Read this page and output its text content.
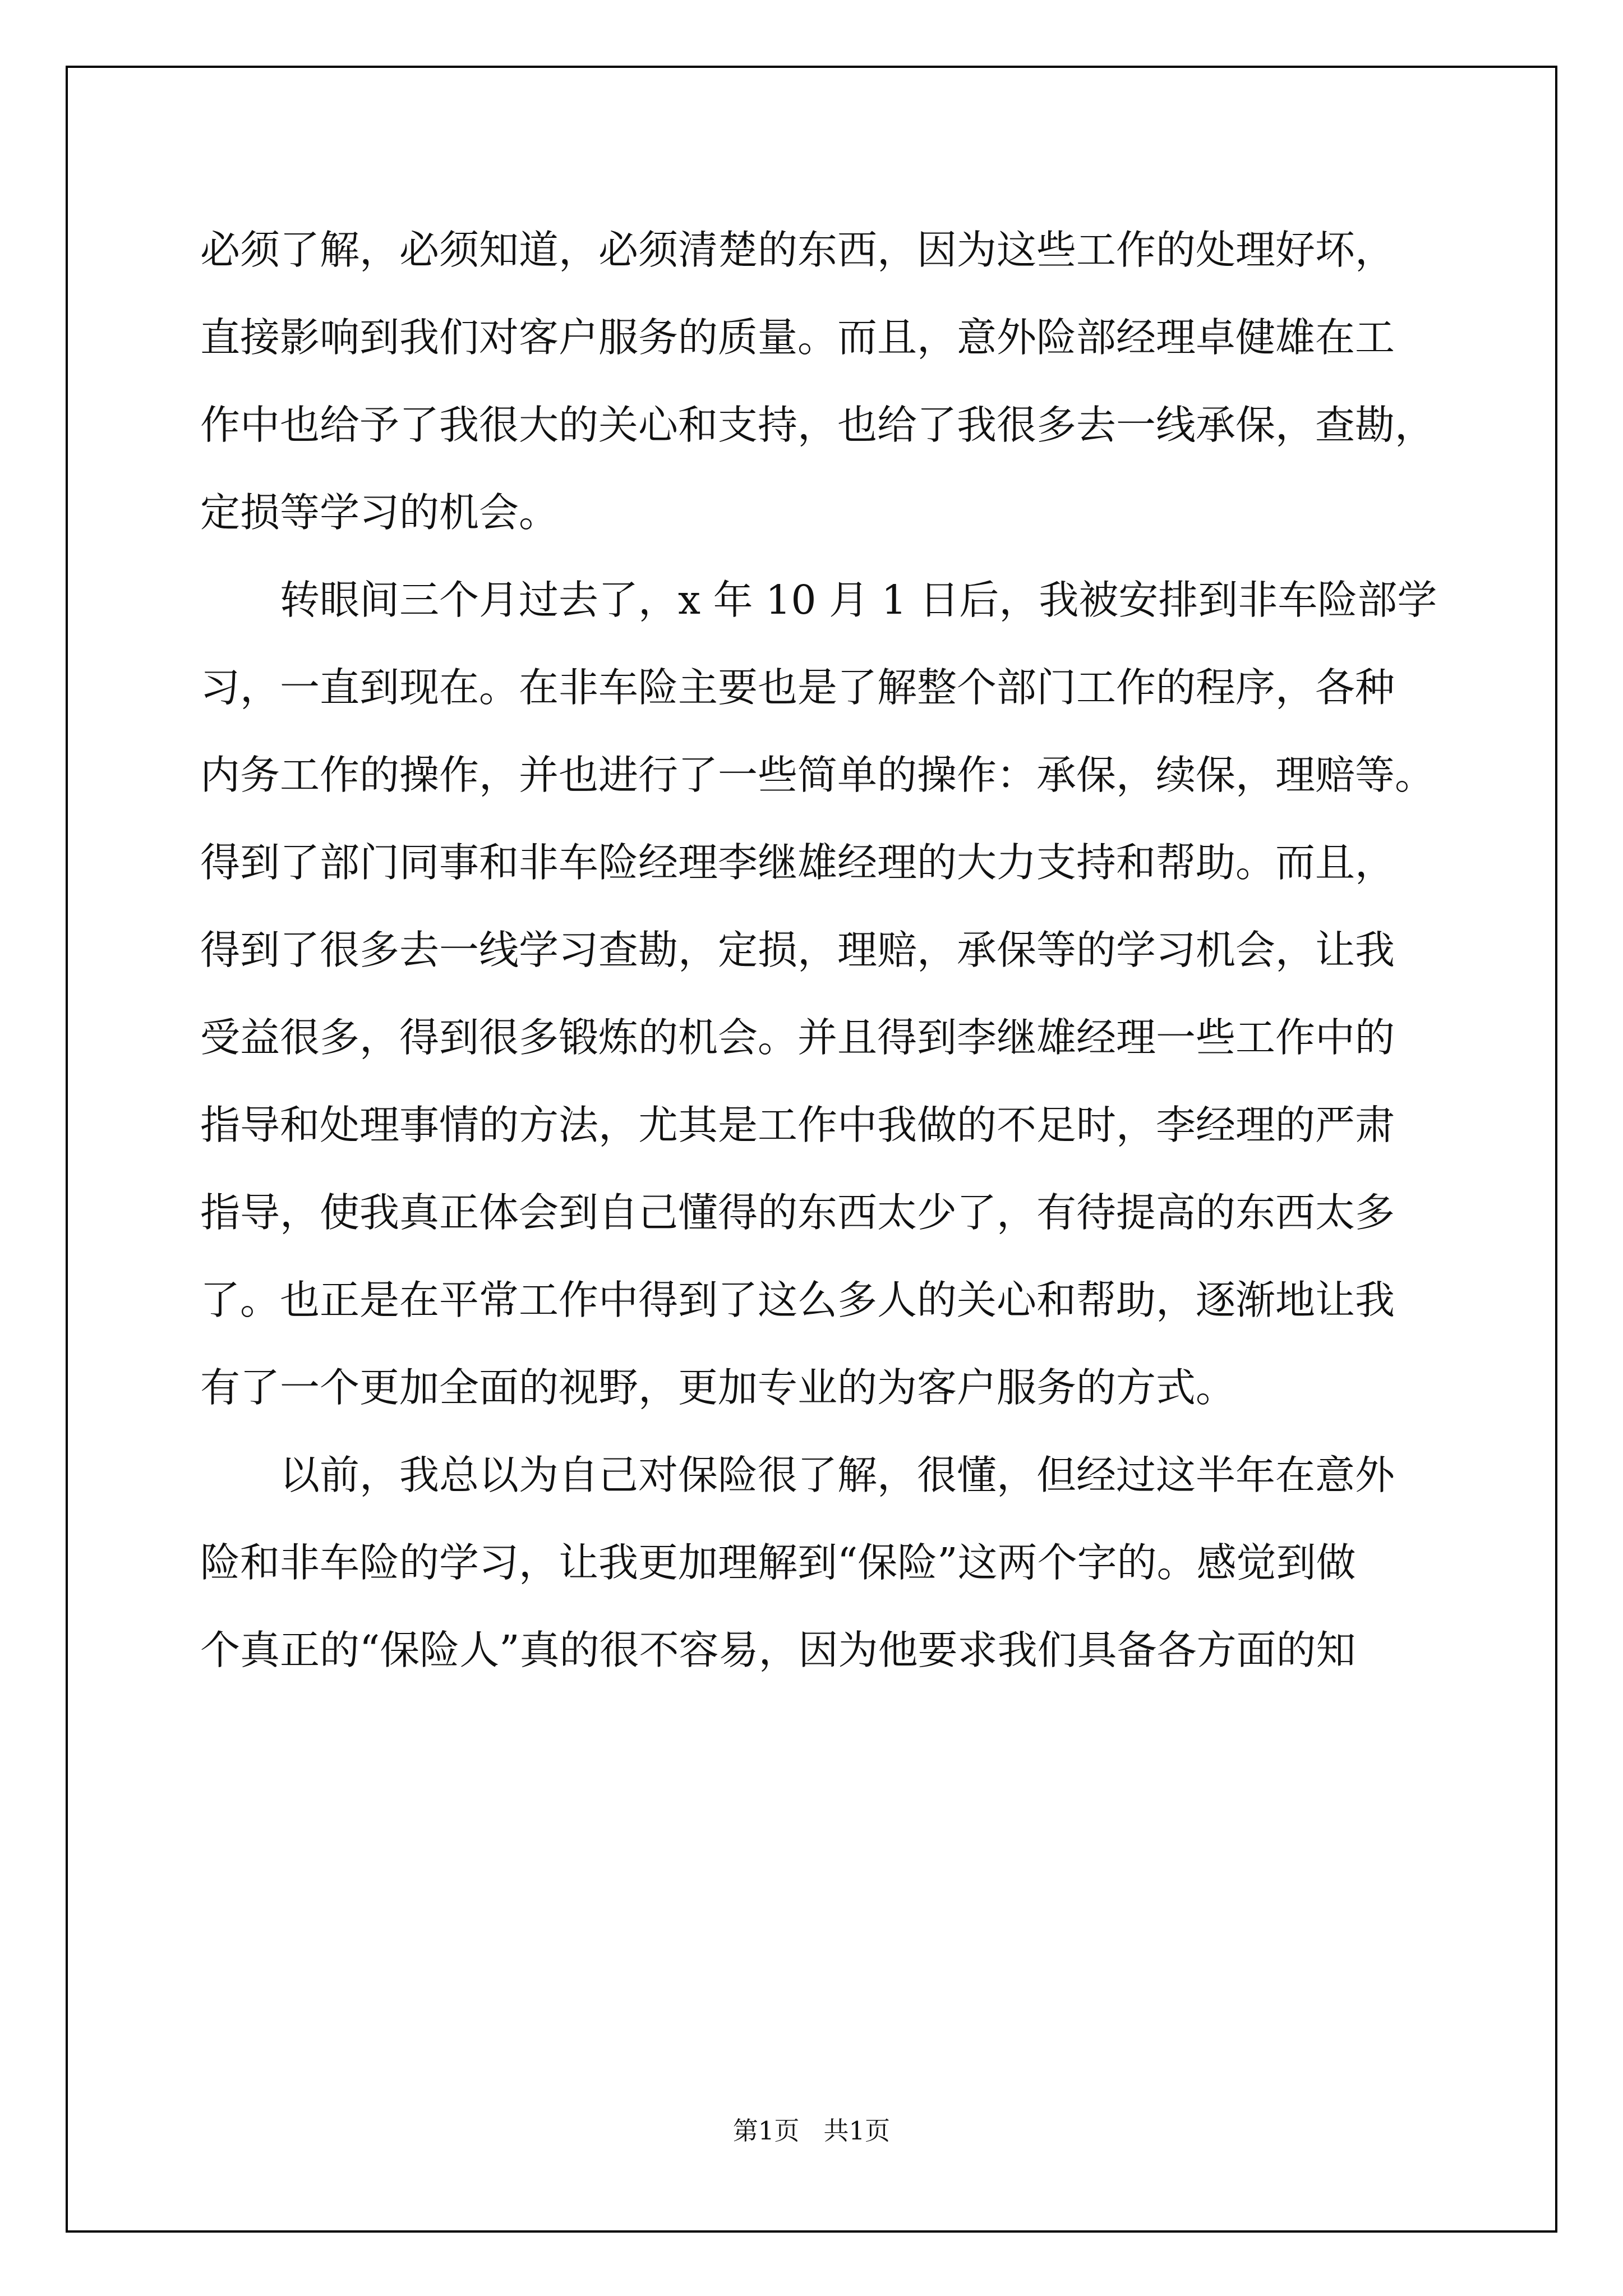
必须了解，必须知道，必须清楚的东西，因为这些工作的处理好坏，

直接影响到我们对客户服务的质量。而且，意外险部经理卓健雄在工

作中也给予了我很大的关心和支持，也给了我很多去一线承保，查勘，

定损等学习的机会。

转眼间三个月过去了，x 年 10 月 1 日后，我被安排到非车险部学

习，一直到现在。在非车险主要也是了解整个部门工作的程序，各种

内务工作的操作，并也进行了一些简单的操作：承保，续保，理赔等。

得到了部门同事和非车险经理李继雄经理的大力支持和帮助。而且，

得到了很多去一线学习查勘，定损，理赔，承保等的学习机会，让我

受益很多，得到很多锻炼的机会。并且得到李继雄经理一些工作中的

指导和处理事情的方法，尤其是工作中我做的不足时，李经理的严肃

指导，使我真正体会到自己懂得的东西太少了，有待提高的东西太多

了。也正是在平常工作中得到了这么多人的关心和帮助，逐渐地让我

有了一个更加全面的视野，更加专业的为客户服务的方式。

以前，我总以为自己对保险很了解，很懂，但经过这半年在意外

险和非车险的学习，让我更加理解到“保险”这两个字的。感觉到做

个真正的“保险人”真的很不容易，因为他要求我们具备各方面的知

第1页   共1页
